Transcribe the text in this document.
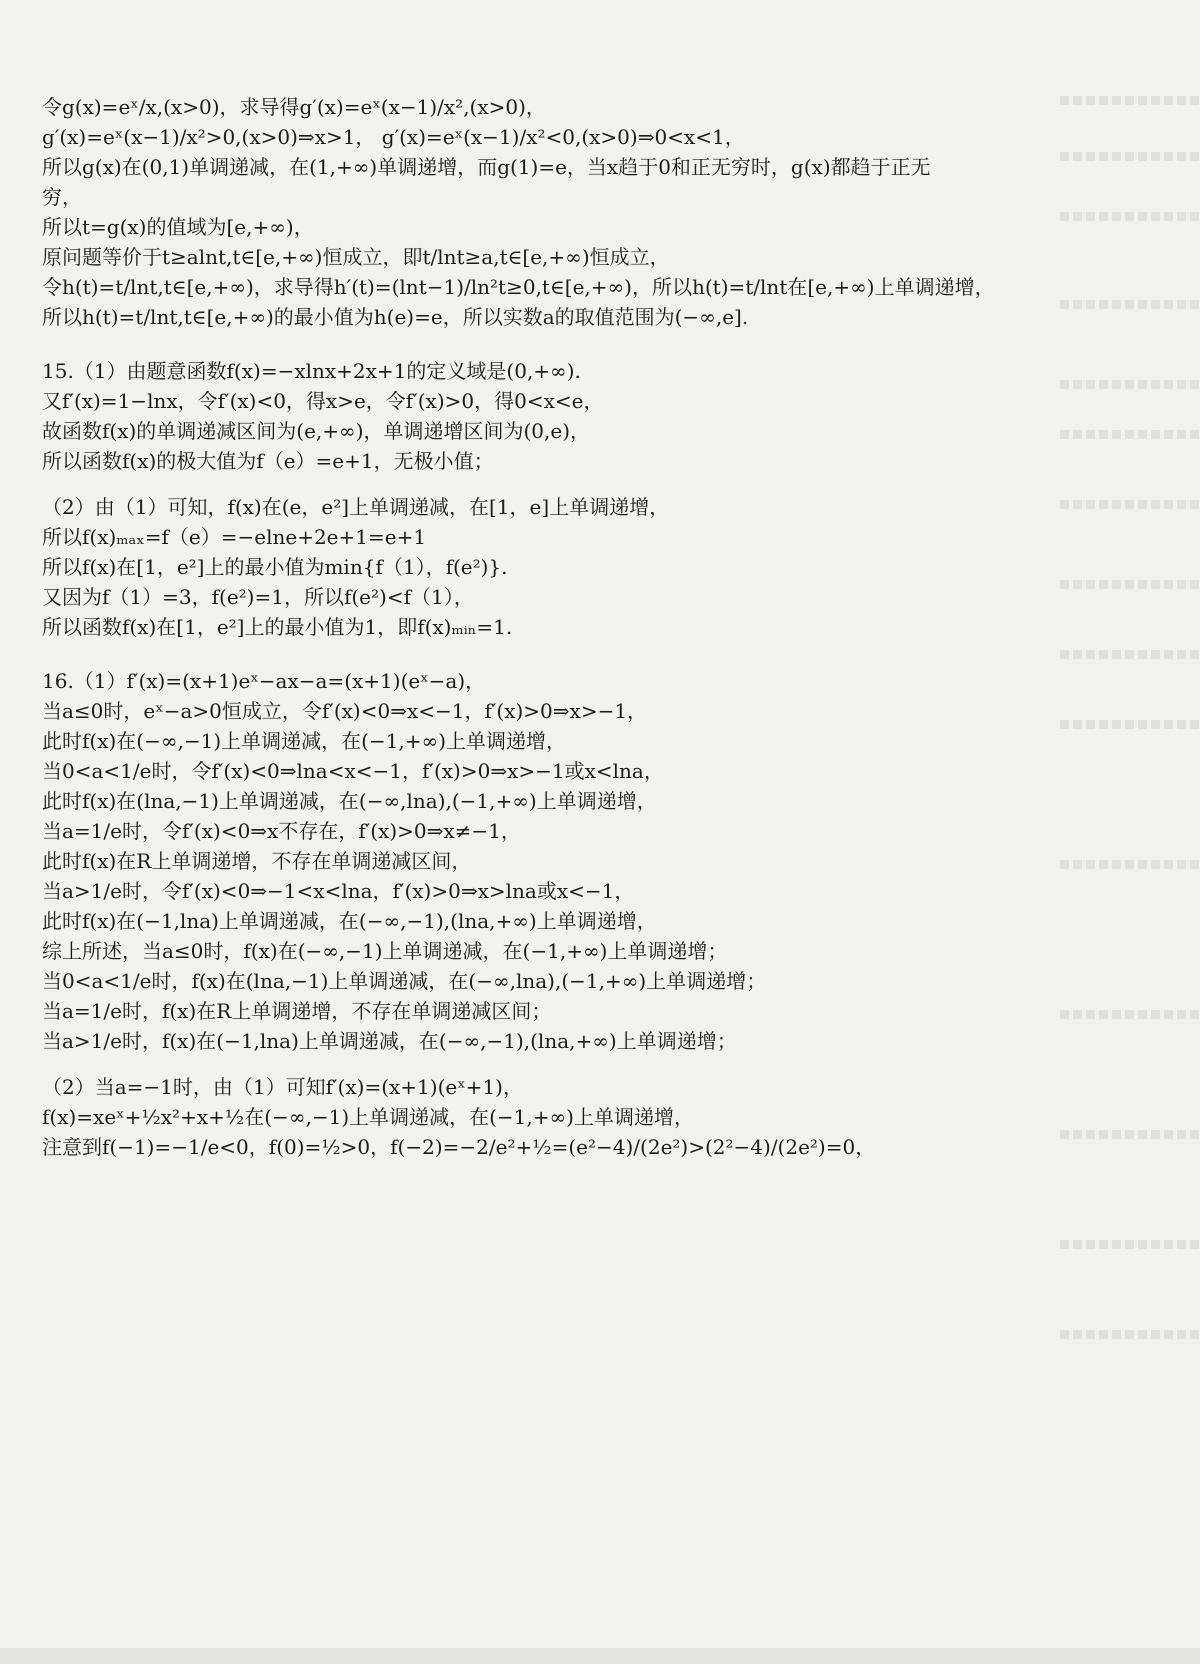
令g(x)=eˣ/x,(x>0)，求导得g′(x)=eˣ(x−1)/x²,(x>0)，
g′(x)=eˣ(x−1)/x²>0,(x>0)⇒x>1， g′(x)=eˣ(x−1)/x²<0,(x>0)⇒0<x<1，
所以g(x)在(0,1)单调递减，在(1,+∞)单调递增，而g(1)=e，当x趋于0和正无穷时，g(x)都趋于正无
穷，
所以t=g(x)的值域为[e,+∞)，
原问题等价于t≥alnt,t∈[e,+∞)恒成立，即t/lnt≥a,t∈[e,+∞)恒成立，
令h(t)=t/lnt,t∈[e,+∞)，求导得h′(t)=(lnt−1)/ln²t≥0,t∈[e,+∞)，所以h(t)=t/lnt在[e,+∞)上单调递增，
所以h(t)=t/lnt,t∈[e,+∞)的最小值为h(e)=e，所以实数a的取值范围为(−∞,e].
15.（1）由题意函数f(x)=−xlnx+2x+1的定义域是(0,+∞).
又f′(x)=1−lnx，令f′(x)<0，得x>e，令f′(x)>0，得0<x<e，
故函数f(x)的单调递减区间为(e,+∞)，单调递增区间为(0,e)，
所以函数f(x)的极大值为f（e）=e+1，无极小值；
（2）由（1）可知，f(x)在(e，e²]上单调递减，在[1，e]上单调递增，
所以f(x)ₘₐₓ=f（e）=−elne+2e+1=e+1
所以f(x)在[1，e²]上的最小值为min{f（1），f(e²)}.
又因为f（1）=3，f(e²)=1，所以f(e²)<f（1），
所以函数f(x)在[1，e²]上的最小值为1，即f(x)ₘᵢₙ=1.
16.（1）f′(x)=(x+1)eˣ−ax−a=(x+1)(eˣ−a)，
当a≤0时，eˣ−a>0恒成立，令f′(x)<0⇒x<−1，f′(x)>0⇒x>−1，
此时f(x)在(−∞,−1)上单调递减，在(−1,+∞)上单调递增，
当0<a<1/e时，令f′(x)<0⇒lna<x<−1，f′(x)>0⇒x>−1或x<lna，
此时f(x)在(lna,−1)上单调递减，在(−∞,lna),(−1,+∞)上单调递增，
当a=1/e时，令f′(x)<0⇒x不存在，f′(x)>0⇒x≠−1，
此时f(x)在R上单调递增，不存在单调递减区间，
当a>1/e时，令f′(x)<0⇒−1<x<lna，f′(x)>0⇒x>lna或x<−1，
此时f(x)在(−1,lna)上单调递减，在(−∞,−1),(lna,+∞)上单调递增，
综上所述，当a≤0时，f(x)在(−∞,−1)上单调递减，在(−1,+∞)上单调递增；
当0<a<1/e时，f(x)在(lna,−1)上单调递减，在(−∞,lna),(−1,+∞)上单调递增；
当a=1/e时，f(x)在R上单调递增，不存在单调递减区间；
当a>1/e时，f(x)在(−1,lna)上单调递减，在(−∞,−1),(lna,+∞)上单调递增；
（2）当a=−1时，由（1）可知f′(x)=(x+1)(eˣ+1)，
f(x)=xeˣ+½x²+x+½在(−∞,−1)上单调递减，在(−1,+∞)上单调递增，
注意到f(−1)=−1/e<0，f(0)=½>0，f(−2)=−2/e²+½=(e²−4)/(2e²)>(2²−4)/(2e²)=0，
